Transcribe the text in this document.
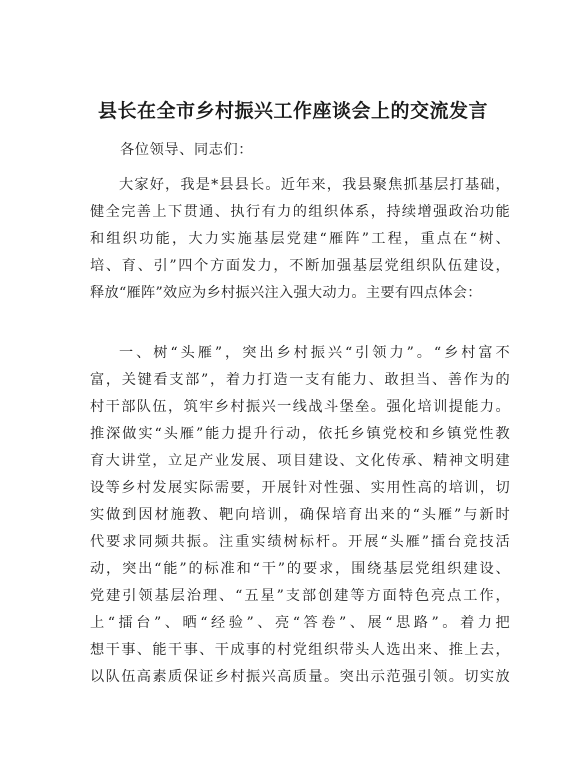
县长在全市乡村振兴工作座谈会上的交流发言
各位领导、同志们：
大家好，我是*县县长。近年来，我县聚焦抓基层打基础，
健全完善上下贯通、执行有力的组织体系，持续增强政治功能
和组织功能，大力实施基层党建“雁阵”工程，重点在“树、
培、育、引”四个方面发力，不断加强基层党组织队伍建设，
释放“雁阵”效应为乡村振兴注入强大动力。主要有四点体会：
一、树“头雁”，突出乡村振兴“引领力”。“乡村富不
富，关键看支部”，着力打造一支有能力、敢担当、善作为的
村干部队伍，筑牢乡村振兴一线战斗堡垒。强化培训提能力。
推深做实“头雁”能力提升行动，依托乡镇党校和乡镇党性教
育大讲堂，立足产业发展、项目建设、文化传承、精神文明建
设等乡村发展实际需要，开展针对性强、实用性高的培训，切
实做到因材施教、靶向培训，确保培育出来的“头雁”与新时
代要求同频共振。注重实绩树标杆。开展“头雁”擂台竞技活
动，突出“能”的标准和“干”的要求，围绕基层党组织建设、
党建引领基层治理、“五星”支部创建等方面特色亮点工作，
上“擂台”、晒“经验”、亮“答卷”、展“思路”。着力把
想干事、能干事、干成事的村党组织带头人选出来、推上去，
以队伍高素质保证乡村振兴高质量。突出示范强引领。切实放
